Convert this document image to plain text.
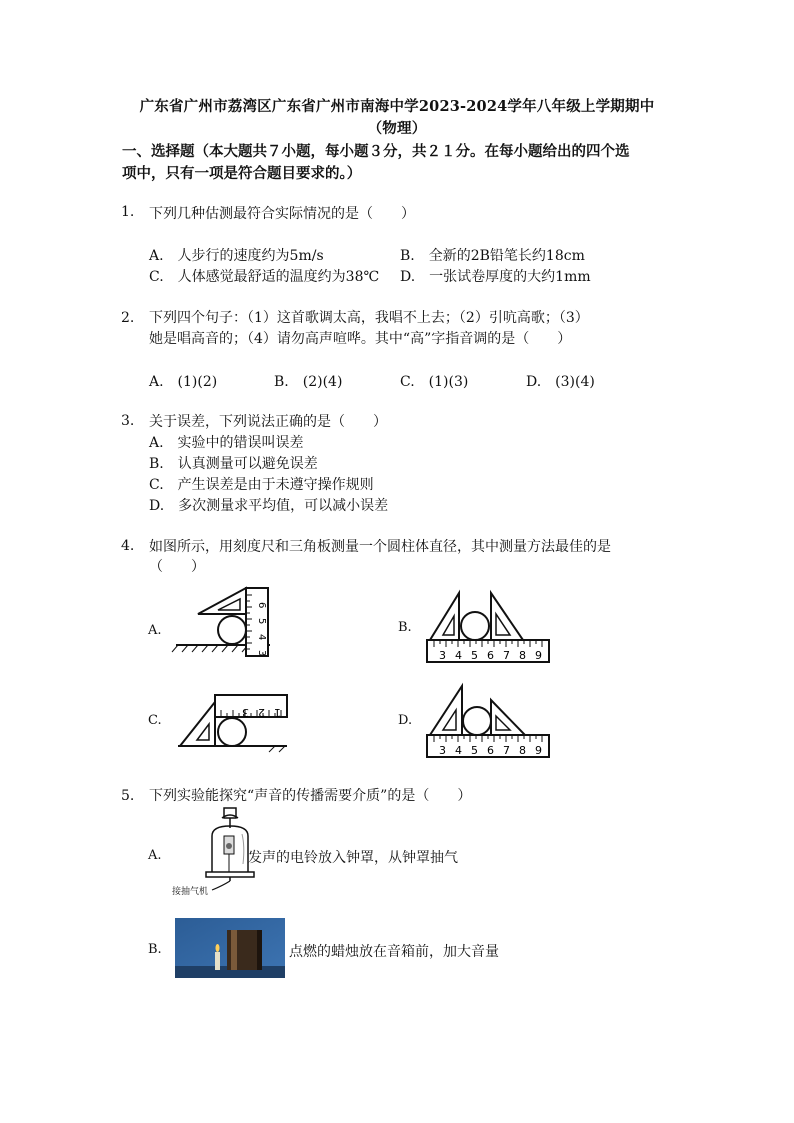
广东省广州市荔湾区广东省广州市南海中学2023-2024学年八年级上学期期中
（物理）
一、选择题（本大题共７小题，每小题３分，共２１分。在每小题给出的四个选
项中，只有一项是符合题目要求的。）
1. 下列几种估测最符合实际情况的是（　　）
A.　人步行的速度约为5m/s	B.　全新的2B铅笔长约18cm
C.　人体感觉最舒适的温度约为38℃ D.　一张试卷厚度的大约1mm
2. 下列四个句子：（1）这首歌调太高，我唱不上去；（2）引吭高歌；（3）
她是唱高音的；（4）请勿高声喧哗。其中“高”字指音调的是（　　）
A.　(1)(2)	B.　(2)(4)	C.　(1)(3)	D.　(3)(4)
3. 关于误差，下列说法正确的是（　　）
A.　实验中的错误叫误差
B.　认真测量可以避免误差
C.　产生误差是由于未遵守操作规则
D.　多次测量求平均值，可以减小误差
4. 如图所示，用刻度尺和三角板测量一个圆柱体直径，其中测量方法最佳的是
（　　）
A.	B.
C.	D.
6
5
4
3	3 4 5 6 7 8 9
3 2 1
3 4 5 6 7 8 9
5. 下列实验能探究“声音的传播需要介质”的是（　　）
A.
接抽气机
发声的电铃放入钟罩，从钟罩抽气
B.	点燃的蜡烛放在音箱前，加大音量
